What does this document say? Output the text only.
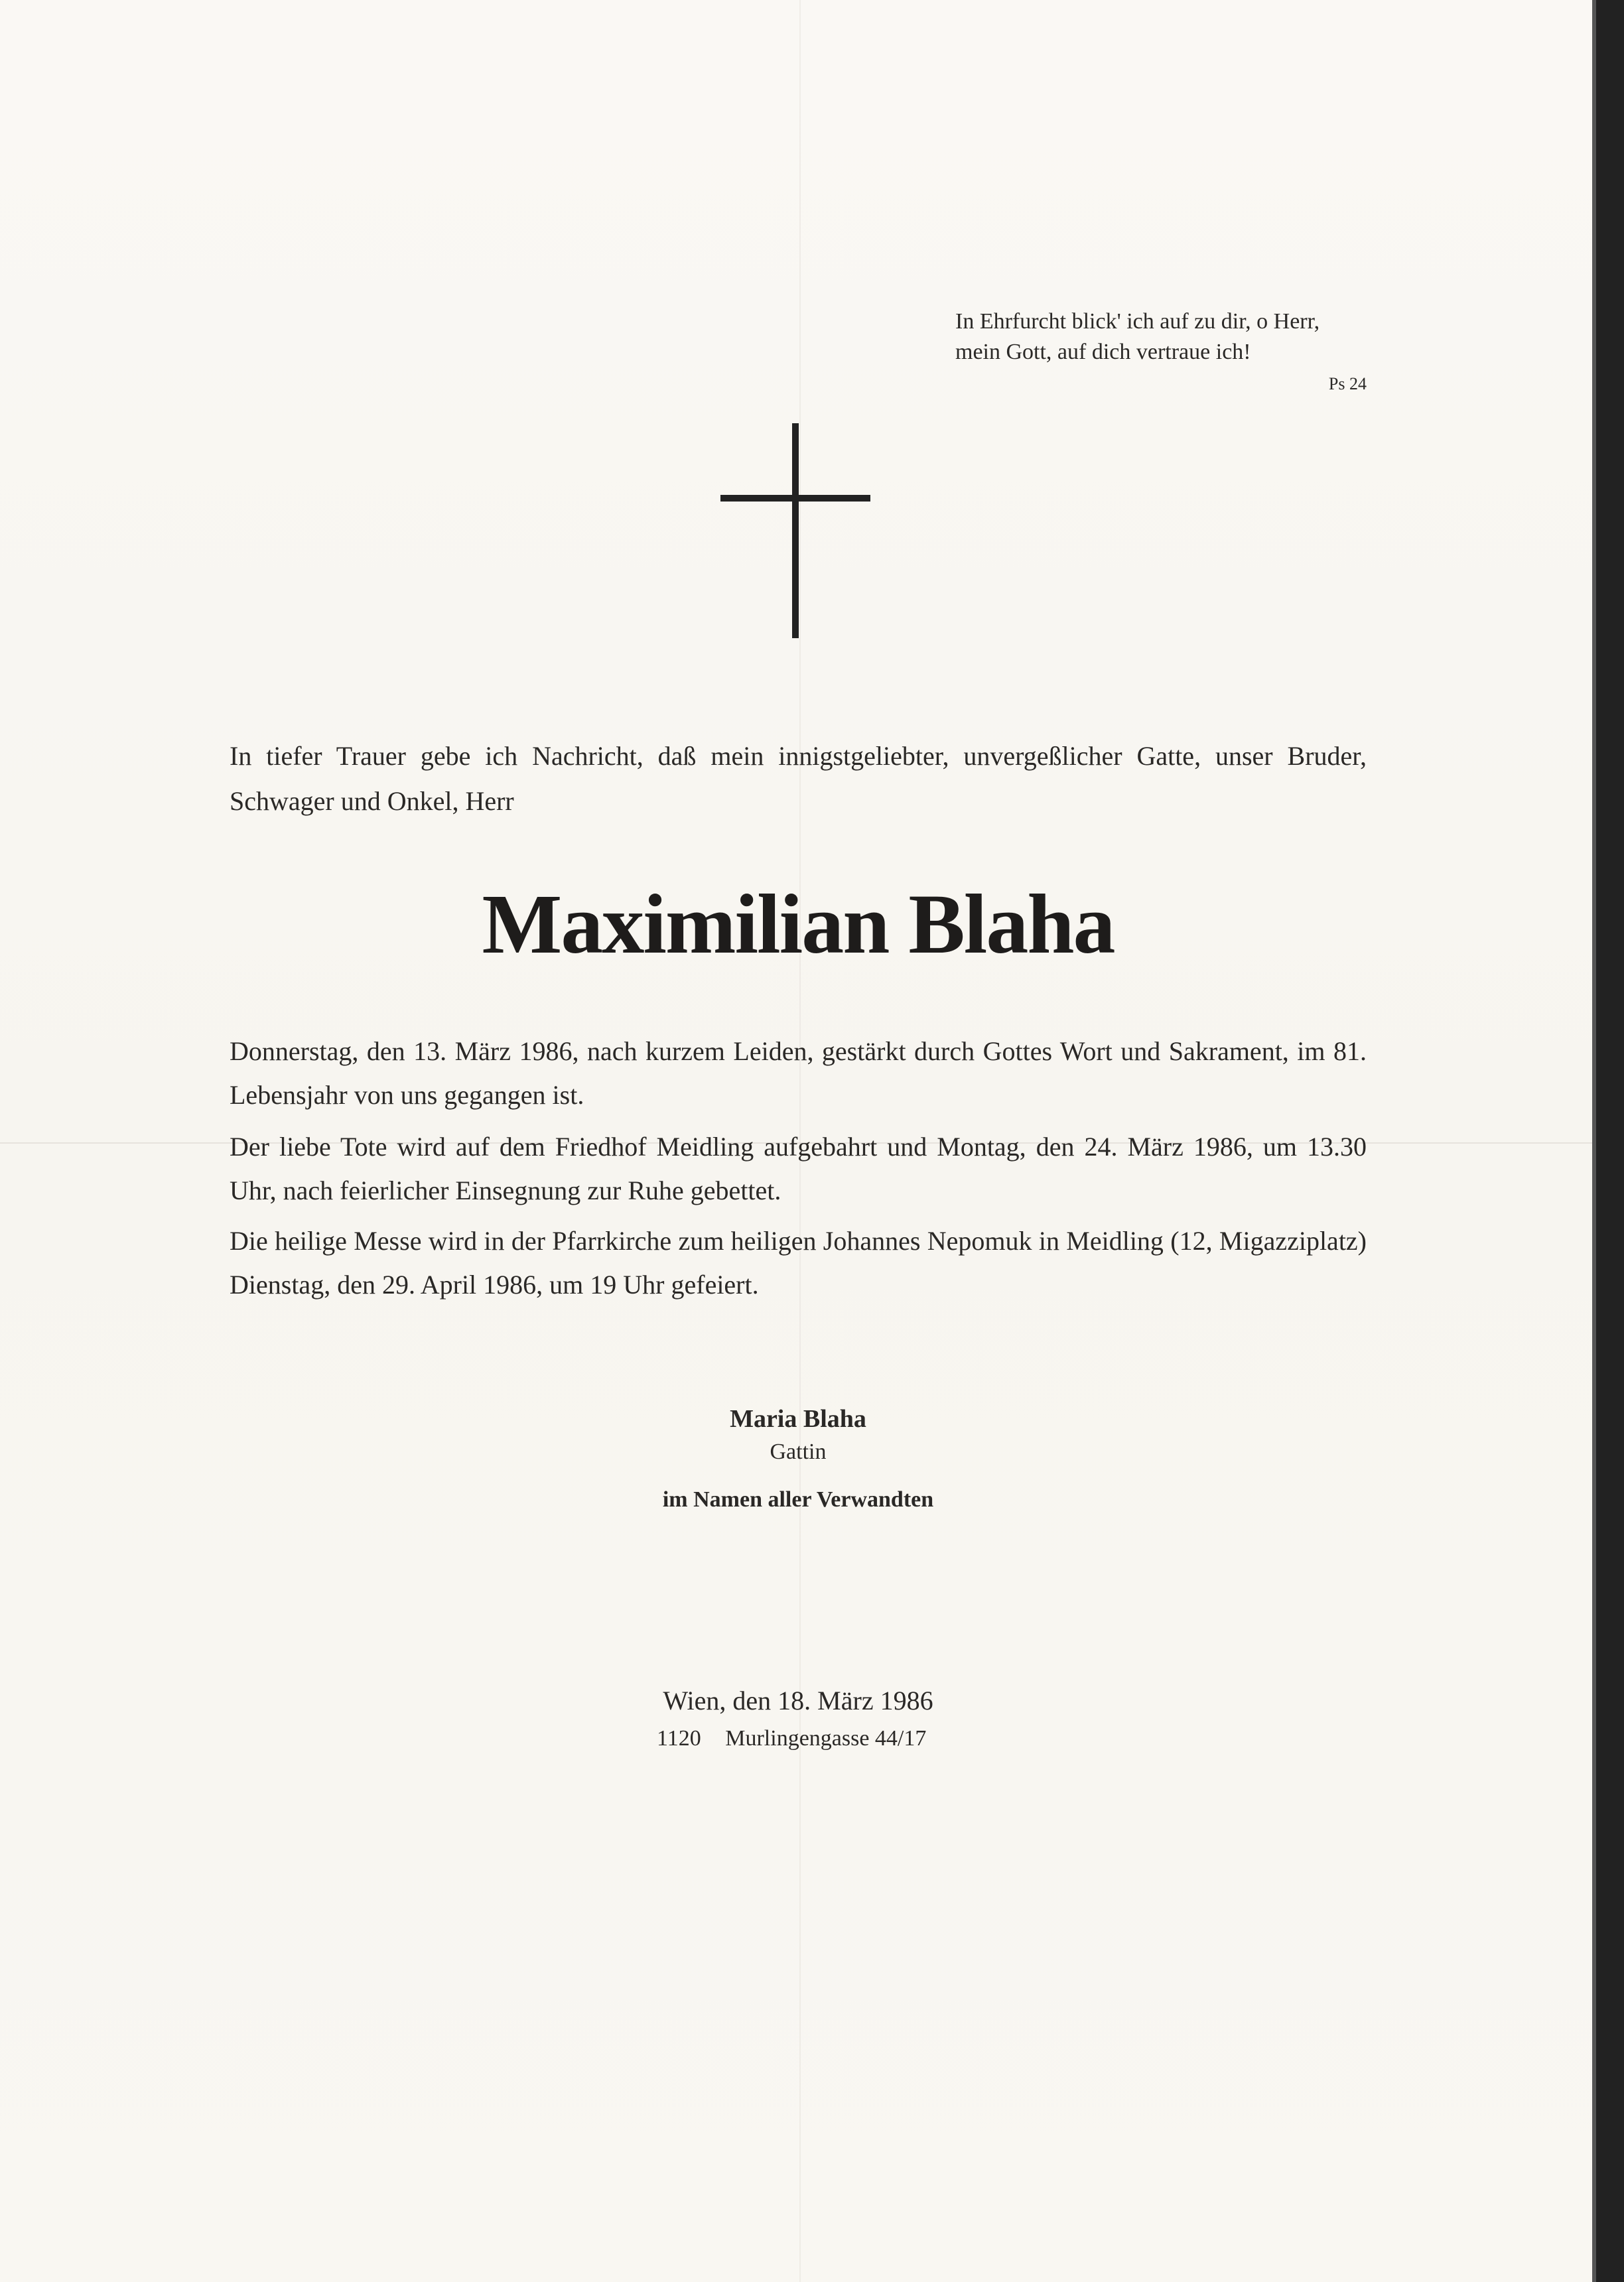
In Ehrfurcht blick' ich auf zu dir, o Herr,
mein Gott, auf dich vertraue ich!
Ps 24
In tiefer Trauer gebe ich Nachricht, daß mein innigstgeliebter, unvergeßlicher Gatte, unser Bruder, Schwager und Onkel, Herr
Maximilian Blaha
Donnerstag, den 13. März 1986, nach kurzem Leiden, gestärkt durch Gottes Wort und Sakrament, im 81. Lebensjahr von uns gegangen ist.
Der liebe Tote wird auf dem Friedhof Meidling aufgebahrt und Montag, den 24. März 1986, um 13.30 Uhr, nach feierlicher Einsegnung zur Ruhe gebettet.
Die heilige Messe wird in der Pfarrkirche zum heiligen Johannes Nepomuk in Meidling (12, Migazziplatz) Dienstag, den 29. April 1986, um 19 Uhr gefeiert.
Maria Blaha
Gattin
im Namen aller Verwandten
Wien, den 18. März 1986
1120 Murlingengasse 44/17
